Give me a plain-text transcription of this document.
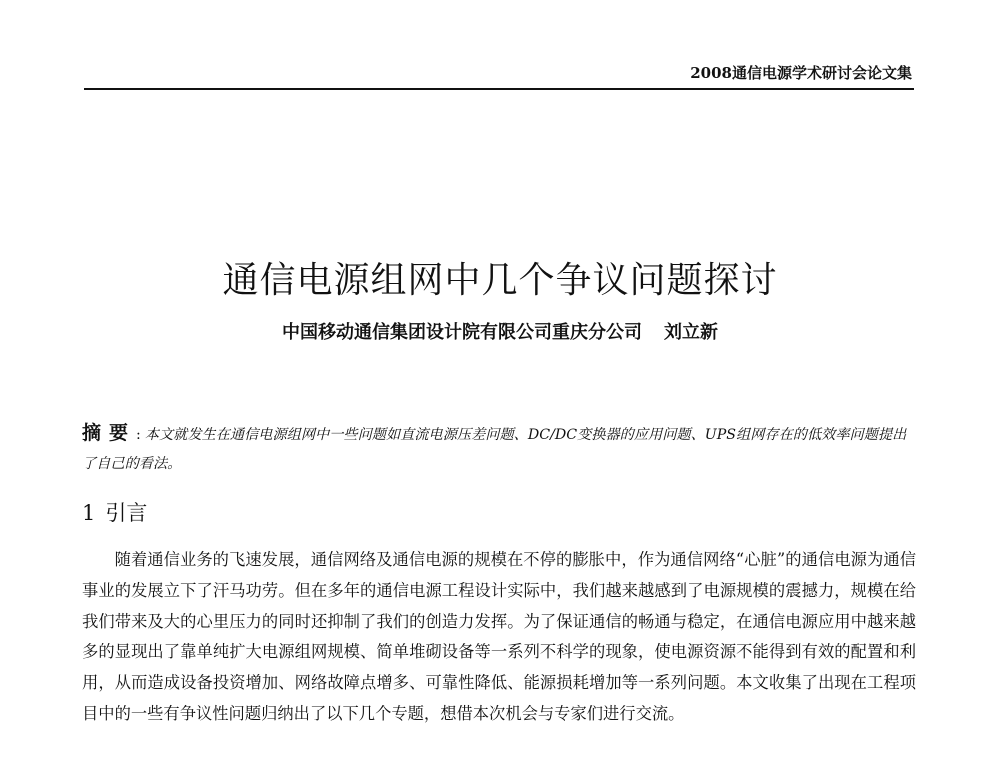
2008通信电源学术研讨会论文集
通信电源组网中几个争议问题探讨
中国移动通信集团设计院有限公司重庆分公司 刘立新
摘要: 本文就发生在通信电源组网中一些问题如直流电源压差问题、DC/DC变换器的应用问题、UPS组网存在的低效率问题提出了自己的看法。
1 引言

随着通信业务的飞速发展，通信网络及通信电源的规模在不停的膨胀中，作为通信网络“心脏”的通信电源为通信事业的发展立下了汗马功劳。但在多年的通信电源工程设计实际中，我们越来越感到了电源规模的震撼力，规模在给我们带来及大的心里压力的同时还抑制了我们的创造力发挥。为了保证通信的畅通与稳定，在通信电源应用中越来越多的显现出了靠单纯扩大电源组网规模、简单堆砌设备等一系列不科学的现象，使电源资源不能得到有效的配置和利用，从而造成设备投资增加、网络故障点增多、可靠性降低、能源损耗增加等一系列问题。本文收集了出现在工程项目中的一些有争议性问题归纳出了以下几个专题，想借本次机会与专家们进行交流。
